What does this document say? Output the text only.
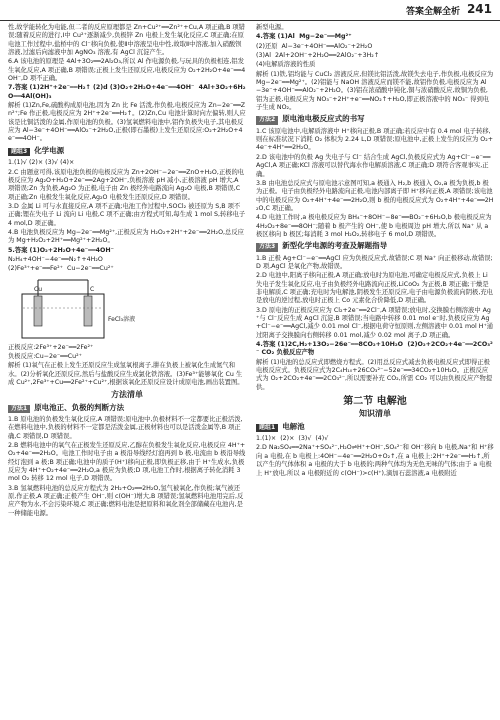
答案全解全析 241

性,故学能转化为电能,但二者的反应原理都是 Zn+Cu²⁺══Zn²⁺+Cu,A 项正确,B 项错误;随着反应的进行,Ⅰ中 Cu²⁺逐渐减少,负极锌 Zn 电极上发生氧化反应,C 项正确;在原电池工作过程中,盐桥中的 Cl⁻移向负极,使Ⅱ中溶液呈电中性,故取Ⅱ中溶液,加入硝酸钡溶液,过滤后向滤液中加 AgNO₃ 溶液,有 AgCl 沉淀产生。

6.A 该电池的原理是 4Al+3O₂══2Al₂O₃,所以 Al 作电源负极,与玩具的负极相连,铝发生氧化反应,A 项正确,B 项错误;正极上发生还原反应,电极反应为 O₂+2H₂O+4e⁻══4OH⁻,D 项不正确。

7.答案 (1)2H⁺+2e⁻══H₂↑ (2)d (3)O₂+2H₂O+4e⁻══4OH⁻  4Al+3O₂+6H₂O══4Al(OH)₃

解析 (1)Zn,Fe,硫酸构成原电池,因为 Zn 比 Fe 活泼,作负极,电极反应为 Zn−2e⁻══Zn²⁺;Fe 作正极,电极反应为 2H⁺+2e⁻══H₂↑。(2)Zn,Cu 电池计算时向左偏转,则人应该是比铜活泼的金属,作原电池的负极。(3)氢氧燃料电池中,铝作负极失电子,其电极反应为 Al−3e⁻+4OH⁻══AlO₂⁻+2H₂O,正极(即石墨极)上发生还原反应:O₂+2H₂O+4e⁻══4OH⁻。

题组3 化学电源

1.(1)√ (2)× (3)√ (4)×

2.C 由题意可得,该原电池负极的电极反应为 Zn+2OH⁻−2e⁻══ZnO+H₂O,正极的电极反应为 Ag₂O+H₂O+2e⁻══2Ag+2OH⁻,负极溶液 pH 减小,正极溶液 pH 增大,A 项错误;Zn 为负极,Ag₂O 为正极,电子由 Zn 极经外电路流向 Ag₂O 电极,B 项错误,C 项正确;Zn 电极发生氧化反应,Ag₂O 电极发生还原反应,D 项错误。

3.D 金属 Li 可与水直接反应,A 项不正确;电池工作过程中,SOCl₂ 被还原为 S,B 项不正确;锂在失电子 Li 流向 Li 电极,C 项不正确;由方程式可知,每生成 1 mol S,转移电子 4 mol,D 项正确。

4.B 电池负极反应为 Mg−2e⁻══Mg²⁺,正极反应为 H₂O₂+2H⁺+2e⁻══2H₂O,总反应为 Mg+H₂O₂+2H⁺══Mg²⁺+2H₂O。

5.答案 (1)O₂+2H₂O+4e⁻══4OH⁻

N₂H₄+4OH⁻−4e⁻══N₂↑+4H₂O

(2)Fe³⁺+e⁻══Fe²⁺  Cu−2e⁻══Cu²⁺

Cu	C
FeCl₃溶液

正极反应:2Fe³⁺+2e⁻══2Fe²⁺

负极反应:Cu−2e⁻══Cu²⁺

解析 (1)氧气在正极上发生还原反应生成氢氧根离子,肼在负极上被氧化生成氮气和水。(2)分析氧化还原反应,然后与盐酸反应生成氯化铁溶液。(3)Fe³⁺能够氧化 Cu 生成 Cu²⁺,2Fe³⁺+Cu══2Fe²⁺+Cu²⁺,根据该氧化还原反应设计成原电池,画出装置图。

方法清单
方法1 原电池正、负极的判断方法

1.B 原电池的负极发生氧化反应,A 项错误;原电池中,负极材料不一定都要比正极活泼,在燃料电池中,负极的材料不一定都是活泼金属,正极材料也可以是活泼金属等,B 项正确,C 项错误,D 项错误。

2.B 燃料电池中的氧气在正极发生还原反应,乙醇在负极发生氧化反应,电极反应 4H⁺+O₂+4e⁻══2H₂O。电池工作时电子由 a 极沿导线经灯泡再到 b 极,电流由 b 极沿导线经灯泡到 a 极;B 项正确;电池中的质子(H⁺)移向正极,即负极正移,由于 H⁺生成水,负极反应为 4H⁺+O₂+4e⁻══2H₂O,a 极应为负极;D 项,电池工作时,根据离子转化消耗 3 mol O₂ 转移 12 mol 电子,D 项错误。

3.B 氢氧燃料电池的总反应方程式为 2H₂+O₂══2H₂O,氢气被氧化,作负极;氧气被还原,作正极,A 项正确;正极产生 OH⁻,则 c(OH⁻)增大,B 项错误;氢氧燃料电池用完后,反应产物为水,不会污染环境,C 项正确;燃料电池是把原料和氧化剂全部储藏在电池内,是一种储能电源。

新型电源。

4.答案 (1)Al  Mg−2e⁻══Mg²⁺

(2)还原  Al−3e⁻+4OH⁻══AlO₂⁻+2H₂O

(3)Al  2Al+2OH⁻+2H₂O══2AlO₂⁻+3H₂↑

(4)电解质溶液的性质

解析 (1)铁,铝均能与 CuCl₂ 溶液反应,但镁比铝活泼,故镁失去电子,作负极,电极反应为 Mg−2e⁻══Mg²⁺。(2)铝能与 NaOH 溶液反应而镁不能,故铝作负极,电极反应为 Al−3e⁻+4OH⁻══AlO₂⁻+2H₂O。(3)铝在浓硝酸中钝化,铜与浓硝酸反应,故铜为负极,铝为正极,电极反应为 NO₃⁻+2H⁺+e⁻══NO₂↑+H₂O,即正极溶液中的 NO₃⁻ 得到电子生成 NO₂。

方法2 原电池电极反应式的书写

1.C 该原电池中,电解质溶液中 H⁺移向正极,B 项正确;若反应中有 0.4 mol 电子转移,则在标准状况下消耗 O₂ 体积为 2.24 L,D 项错误;原电池中,正极上发生的反应为 O₂+4e⁻+4H⁺══2H₂O。

2.D 该电池中的负极 Ag 失电子与 Cl⁻ 结合生成 AgCl,负极反应式为 Ag+Cl⁻−e⁻══AgCl,A 项正确;KCl 溶液可以替代海水作电解质溶液,C 项正确;D 项符合客观事实,正确。

3.B 由电池总反应式与原电池示意图可知,a 极通入 H₂,b 极通入 O₂,a 极为负极,b 极为正极。电子由负极经外电路流向正极,电池内部离子即 H⁺移向正极,A 项错误;该电池中的电极反应为 O₂+4H⁺+4e⁻══2H₂O,则 b 极的电极反应式为 O₂+4H⁺+4e⁻══2H₂O,C 项正确。

4.D 电池工作时,a 极电极反应为 BH₄⁻+8OH⁻−8e⁻══BO₂⁻+6H₂O,b 极电极反应为 4H₂O₂+8e⁻══8OH⁻;随着 b 极产生的 OH⁻,使 b 电极周边 pH 增大,所以 Na⁺ 从 a 极区移向 b 极区;每消耗 3 mol H₂O₂,转移电子 6 mol,D 项错误。

方法3 新型化学电源的考查及解题指导

1.B 正极 Ag+Cl⁻−e⁻══AgCl 应为负极反应式,故错误;C 项 Na⁺ 向正极移动,故错误;D 项,AgCl 是氧化产物,故错误。

2.D 电池中,阳离子移向正极,A 项正确;放电时为原电池,可确定电极反应式,负极上 Li 失电子发生氧化反应,电子由负极经外电路流向正极,LiCoO₂ 为正极,B 项正确;干燥是非电解质,C 项正确;充电时为电解池,阴极发生还原反应,电子由电源负极流向阴极,充电是放电的逆过程,放电时正极上 Co 元素化合价降低,D 项正确。

3.D 原电池的正极反应应为 Cl₂+2e⁻══2Cl⁻,A 项错误;放电时,交换膜右侧溶液中 Ag⁺与 Cl⁻反应生成 AgCl 沉淀,B 项错误;当电路中转移 0.01 mol e⁻时,负极反应为 Ag+Cl⁻−e⁻══AgCl,减少 0.01 mol Cl⁻,根据电荷守恒原则,左侧溶液中 0.01 mol H⁺通过阳离子交换膜向右侧转移 0.01 mol,减少 0.02 mol 离子,D 项正确。

4.答案 (1)2C,H₂+13O₂−26e⁻══8CO₂+10H₂O  (2)O₂+2CO₂+4e⁻══2CO₃²⁻ CO₂ 负极反应产物

解析 (1)电池的总反应式即燃烧方程式。(2)用总反应式减去负极电极反应式即得正极电极反应式。负极反应式为2C₄H₁₀+26CO₃²⁻−52e⁻══34CO₂+10H₂O。正极反应式为 O₂+2CO₂+4e⁻══2CO₃²⁻,所以需要补充 CO₂,所需 CO₂ 可以由负极反应产物提供。

第二节 电解池
知识清单
题组1 电解池

1.(1)×  (2)×  (3)√  (4)√

2.D Na₂SO₄══2Na⁺+SO₄²⁻,H₂O⇌H⁺+OH⁻,SO₄²⁻和 OH⁻移向 b 电极,Na⁺和 H⁺移向 a 电极,在 b 电极上:4OH⁻−4e⁻══2H₂O+O₂↑,在 a 电极上:2H⁺+2e⁻══H₂↑,所以产生的气体体积 a 电极的大于 b 电极的;两种气体均为无色无味的气体;由于 a 电极上 H⁺放电,所以 a 电极附近的 c(OH⁻)>c(H⁺),滴加石蕊溶液,a 电极附近
